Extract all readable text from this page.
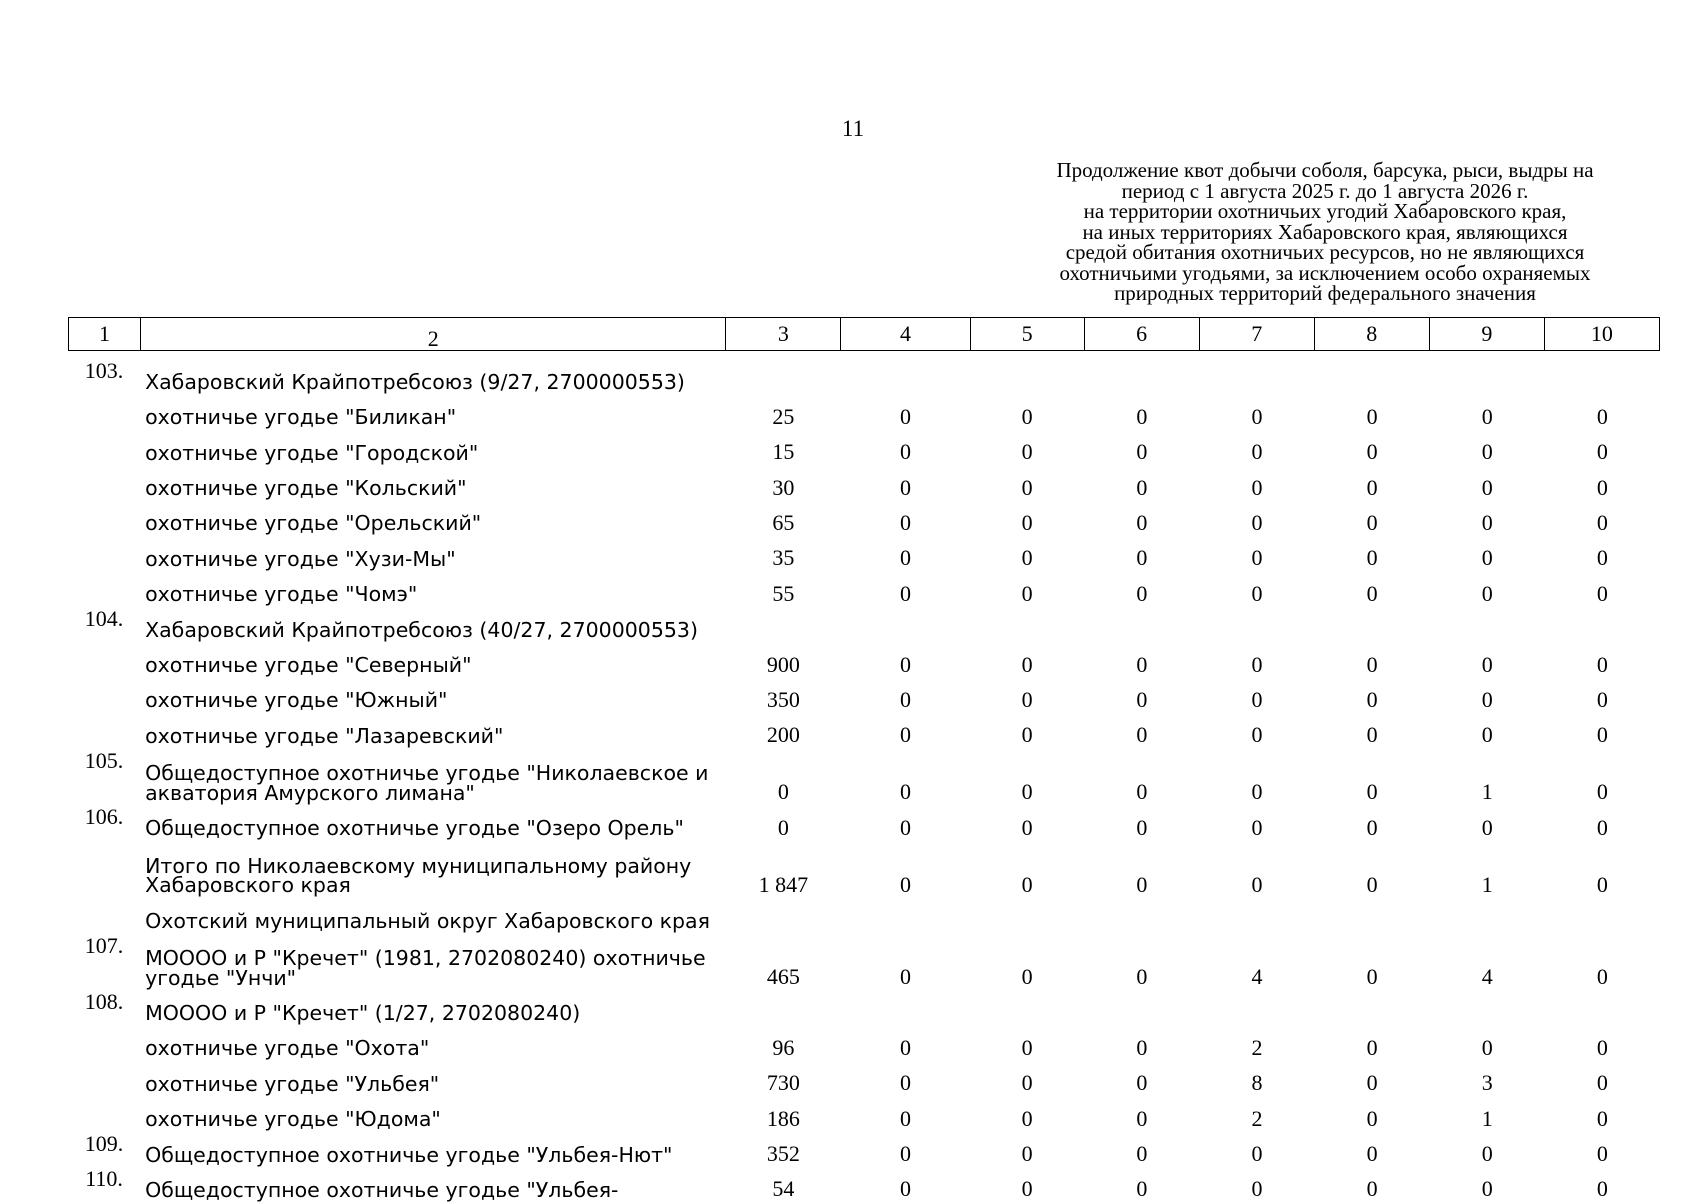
11
Продолжение квот добычи соболя, барсука, рыси, выдры на
период с 1 августа 2025 г. до 1 августа 2026 г.
на территории охотничьих угодий Хабаровского края,
на иных территориях Хабаровского края, являющихся
средой обитания охотничьих ресурсов, но не являющихся
охотничьими угодьями, за исключением особо охраняемых
природных территорий федерального значения
1	2	3	4	5	6	7	8	9	10
103.	Хабаровский Крайпотребсоюз (9/27, 2700000553)								

	охотничье угодье "Биликан"	25	0	0	0	0	0	0	0

	охотничье угодье "Городской"	15	0	0	0	0	0	0	0

	охотничье угодье "Кольский"	30	0	0	0	0	0	0	0

	охотничье угодье "Орельский"	65	0	0	0	0	0	0	0

	охотничье угодье "Хузи-Мы"	35	0	0	0	0	0	0	0

	охотничье угодье "Чомэ"	55	0	0	0	0	0	0	0
104.	Хабаровский Крайпотребсоюз (40/27, 2700000553)								

	охотничье угодье "Северный"	900	0	0	0	0	0	0	0

	охотничье угодье "Южный"	350	0	0	0	0	0	0	0

	охотничье угодье "Лазаревский"	200	0	0	0	0	0	0	0
105.	Общедоступное охотничье угодье "Николаевское и
акватория Амурского лимана"	0	0	0	0	0	0	1	0
106.	Общедоступное охотничье угодье "Озеро Орель"	0	0	0	0	0	0	0	0

	Итого по Николаевскому муниципальному району
Хабаровского края	1 847	0	0	0	0	0	1	0

	Охотский муниципальный округ Хабаровского края								

107.	МОООО и Р "Кречет" (1981, 2702080240) охотничье
угодье "Унчи"	465	0	0	0	4	0	4	0
108.	МОООО и Р "Кречет" (1/27, 2702080240)								

	охотничье угодье "Охота"	96	0	0	0	2	0	0	0

	охотничье угодье "Ульбея"	730	0	0	0	8	0	3	0

	охотничье угодье "Юдома"	186	0	0	0	2	0	1	0
109.	Общедоступное охотничье угодье "Ульбея-Нют"	352	0	0	0	0	0	0	0
110.	Общедоступное охотничье угодье "Ульбея-	54	0	0	0	0	0	0	0
